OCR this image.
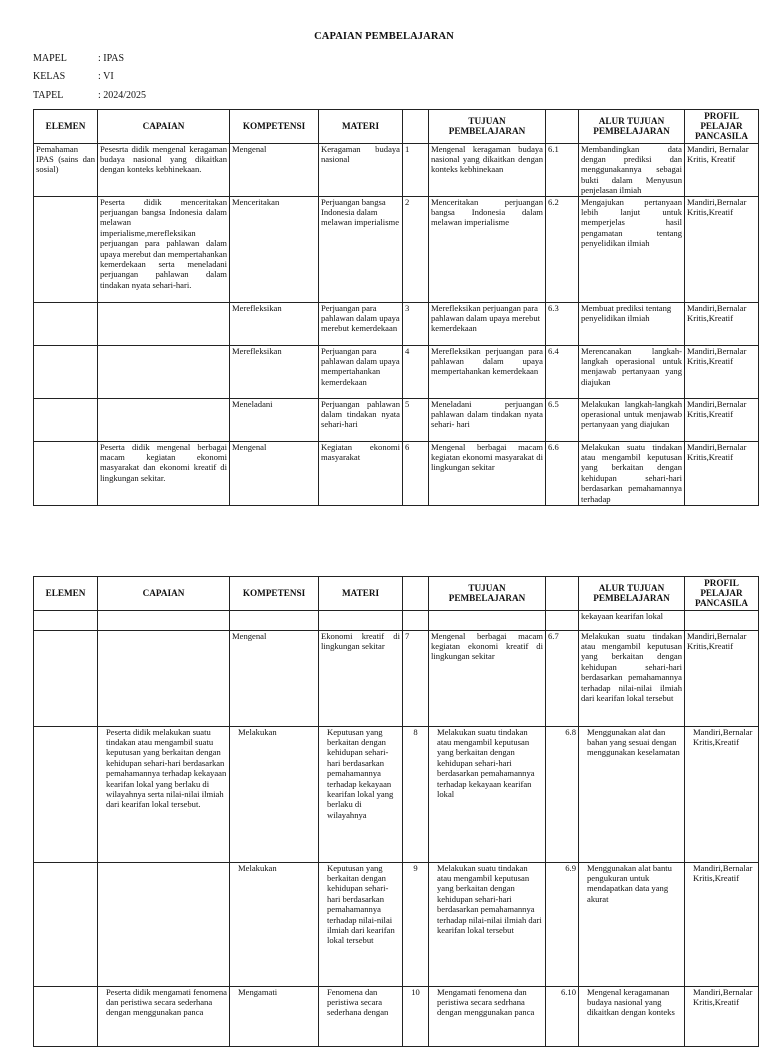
CAPAIAN PEMBELAJARAN
MAPEL	: IPAS
KELAS	: VI
TAPEL	: 2024/2025
ELEMEN	CAPAIAN	KOMPETENSI	MATERI		TUJUAN PEMBELAJARAN		ALUR TUJUAN PEMBELAJARAN	PROFIL PELAJAR PANCASILA
Pemahaman IPAS (sains dan sosial)	Pesesrta didik mengenal keragaman budaya nasional yang dikaitkan dengan konteks kebhinekaan.	Mengenal	Keragaman budaya nasional	1	Mengenal keragaman budaya nasional yang dikaitkan dengan konteks kebhinekaan	6.1	Membandingkan data dengan prediksi dan menggunakannya sebagai bukti dalam Menyusun penjelasan ilmiah	Mandiri, Bernalar Kritis, Kreatif
	Peserta didik menceritakan perjuangan bangsa Indonesia dalam melawan imperialisme,merefleksikan perjuangan para pahlawan dalam upaya merebut dan mempertahankan kemerdekaan serta meneladani perjuangan pahlawan dalam tindakan nyata sehari-hari.	Menceritakan	Perjuangan bangsa Indonesia dalam melawan imperialisme	2	Menceritakan perjuangan bangsa Indonesia dalam melawan imperialisme	6.2	Mengajukan pertanyaan lebih lanjut untuk memperjelas hasil pengamatan tentang penyelidikan ilmiah	Mandiri,Bernalar Kritis,Kreatif
		Merefleksikan	Perjuangan para pahlawan dalam upaya merebut kemerdekaan	3	Merefleksikan perjuangan para pahlawan dalam upaya merebut kemerdekaan	6.3	Membuat prediksi tentang penyelidikan ilmiah	Mandiri,Bernalar Kritis,Kreatif
		Merefleksikan	Perjuangan para pahlawan dalam upaya mempertahankan kemerdekaan	4	Merefleksikan perjuangan para pahlawan dalam upaya mempertahankan kemerdekaan	6.4	Merencanakan langkah-langkah operasional untuk menjawab pertanyaan yang diajukan	Mandiri,Bernalar Kritis,Kreatif
		Meneladani	Perjuangan pahlawan dalam tindakan nyata sehari-hari	5	Meneladani perjuangan pahlawan dalam tindakan nyata sehari- hari	6.5	Melakukan langkah-langkah operasional untuk menjawab pertanyaan yang diajukan	Mandiri,Bernalar Kritis,Kreatif
	Peserta didik mengenal berbagai macam kegiatan ekonomi masyarakat dan ekonomi kreatif di lingkungan sekitar.	Mengenal	Kegiatan ekonomi masyarakat	6	Mengenal berbagai macam kegiatan ekonomi masyarakat di lingkungan sekitar	6.6	Melakukan suatu tindakan atau mengambil keputusan yang berkaitan dengan kehidupan sehari-hari berdasarkan pemahamannya terhadap	Mandiri,Bernalar Kritis,Kreatif
ELEMEN	CAPAIAN	KOMPETENSI	MATERI		TUJUAN PEMBELAJARAN		ALUR TUJUAN PEMBELAJARAN	PROFIL PELAJAR PANCASILA
							kekayaan kearifan lokal	
		Mengenal	Ekonomi kreatif di lingkungan sekitar	7	Mengenal berbagai macam kegiatan ekonomi kreatif di lingkungan sekitar	6.7	Melakukan suatu tindakan atau mengambil keputusan yang berkaitan dengan kehidupan sehari-hari berdasarkan pemahamannya terhadap nilai-nilai ilmiah dari kearifan lokal tersebut	Mandiri,Bernalar Kritis,Kreatif
	Peserta didik melakukan suatu tindakan atau mengambil suatu keputusan yang berkaitan dengan kehidupan sehari-hari berdasarkan pemahamannya terhadap kekayaan kearifan lokal yang berlaku di wilayahnya serta nilai-nilai ilmiah dari kearifan lokal tersebut.	Melakukan	Keputusan yang berkaitan dengan kehidupan sehari-hari berdasarkan pemahamannya terhadap kekayaan kearifan lokal yang berlaku di wilayahnya	8	Melakukan suatu tindakan atau mengambil keputusan yang berkaitan dengan kehidupan sehari-hari berdasarkan pemahamannya terhadap kekayaan kearifan lokal	6.8	Menggunakan alat dan bahan yang sesuai dengan menggunakan keselamatan	Mandiri,Bernalar Kritis,Kreatif
		Melakukan	Keputusan yang berkaitan dengan kehidupan sehari-hari berdasarkan pemahamannya terhadap nilai-nilai ilmiah dari kearifan lokal tersebut	9	Melakukan suatu tindakan atau mengambil keputusan yang berkaitan dengan kehidupan sehari-hari berdasarkan pemahamannya terhadap nilai-nilai ilmiah dari kearifan lokal tersebut	6.9	Menggunakan alat bantu pengukuran untuk mendapatkan data yang akurat	Mandiri,Bernalar Kritis,Kreatif
	Peserta didik mengamati fenomena dan peristiwa secara sederhana dengan menggunakan panca	Mengamati	Fenomena dan peristiwa secara sederhana dengan	10	Mengamati fenomena dan peristiwa secara sedrhana dengan menggunakan panca	6.10	Mengenal keragamanan budaya nasional yang dikaitkan dengan konteks	Mandiri,Bernalar Kritis,Kreatif
